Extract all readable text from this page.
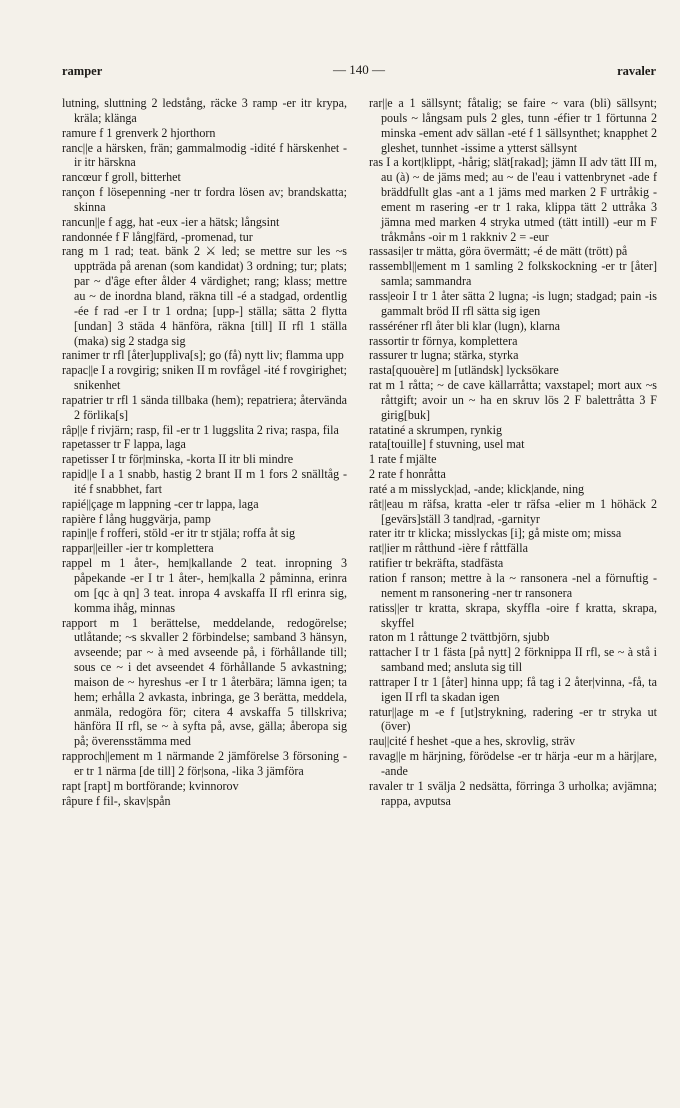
ramper	— 140 —	ravaler

lutning, sluttning 2 ledstång, räcke 3 ramp -er itr krypa, kräla; klänga

ramure f 1 grenverk 2 hjorthorn

ranc||e a härsken, frän; gammalmodig -idité f härskenhet -ir itr härskna

rancœur f groll, bitterhet

rançon f lösepenning -ner tr fordra lösen av; brandskatta; skinna

rancun||e f agg, hat -eux -ier a hätsk; långsint

randonnée f F lång|färd, -promenad, tur

rang m 1 rad; teat. bänk 2 ⚔ led; se mettre sur les ~s uppträda på arenan (som kandidat) 3 ordning; tur; plats; par ~ d'âge efter ålder 4 värdighet; rang; klass; mettre au ~ de inordna bland, räkna till -é a stadgad, ordentlig -ée f rad -er I tr 1 ordna; [upp-] ställa; sätta 2 flytta [undan] 3 städa 4 hänföra, räkna [till] II rfl 1 ställa (maka) sig 2 stadga sig

ranimer tr rfl [åter]uppliva[s]; go (få) nytt liv; flamma upp

rapac||e I a rovgirig; sniken II m rovfågel -ité f rovgirighet; snikenhet

rapatrier tr rfl 1 sända tillbaka (hem); repatriera; återvända 2 förlika[s]

râp||e f rivjärn; rasp, fil -er tr 1 luggslita 2 riva; raspa, fila

rapetasser tr F lappa, laga

rapetisser I tr för|minska, -korta II itr bli mindre

rapid||e I a 1 snabb, hastig 2 brant II m 1 fors 2 snälltåg -ité f snabbhet, fart

rapié||çage m lappning -cer tr lappa, laga

rapière f lång huggvärja, pamp

rapin||e f rofferi, stöld -er itr tr stjäla; roffa åt sig

rappar||eiller -ier tr komplettera

rappel m 1 åter-, hem|kallande 2 teat. inropning 3 påpekande -er I tr 1 åter-, hem|kalla 2 påminna, erinra om [qc à qn] 3 teat. inropa 4 avskaffa II rfl erinra sig, komma ihåg, minnas

rapport m 1 berättelse, meddelande, redogörelse; utlåtande; ~s skvaller 2 förbindelse; samband 3 hänsyn, avseende; par ~ à med avseende på, i förhållande till; sous ce ~ i det avseendet 4 förhållande 5 avkastning; maison de ~ hyreshus -er I tr 1 återbära; lämna igen; ta hem; erhålla 2 avkasta, inbringa, ge 3 berätta, meddela, anmäla, redogöra för; citera 4 avskaffa 5 tillskriva; hänföra II rfl, se ~ à syfta på, avse, gälla; åberopa sig på; överensstämma med

rapproch||ement m 1 närmande 2 jämförelse 3 försoning -er tr 1 närma [de till] 2 för|sona, -lika 3 jämföra

rapt [rapt] m bortförande; kvinnorov

râpure f fil-, skav|spån

rar||e a 1 sällsynt; fåtalig; se faire ~ vara (bli) sällsynt; pouls ~ långsam puls 2 gles, tunn -éfier tr 1 förtunna 2 minska -ement adv sällan -eté f 1 sällsynthet; knapphet 2 gleshet, tunnhet -issime a ytterst sällsynt

ras I a kort|klippt, -hårig; slät[rakad]; jämn II adv tätt III m, au (à) ~ de jäms med; au ~ de l'eau i vattenbrynet -ade f bräddfullt glas -ant a 1 jäms med marken 2 F urtråkig -ement m rasering -er tr 1 raka, klippa tätt 2 uttråka 3 jämna med marken 4 stryka utmed (tätt intill) -eur m F tråkmåns -oir m 1 rakkniv 2 = -eur

rassasi|er tr mätta, göra övermätt; -é de mätt (trött) på

rassembl||ement m 1 samling 2 folkskockning -er tr [åter] samla; sammandra

rass|eoir I tr 1 åter sätta 2 lugna; -is lugn; stadgad; pain -is gammalt bröd II rfl sätta sig igen

rasséréner rfl åter bli klar (lugn), klarna

rassortir tr förnya, komplettera

rassurer tr lugna; stärka, styrka

rasta[quouère] m [utländsk] lycksökare

rat m 1 råtta; ~ de cave källarråtta; vaxstapel; mort aux ~s råttgift; avoir un ~ ha en skruv lös 2 F balettråtta 3 F girig[buk]

ratatiné a skrumpen, rynkig

rata[touille] f stuvning, usel mat

1 rate f mjälte

2 rate f honråtta

raté a m misslyck|ad, -ande; klick|ande, ning

rât||eau m räfsa, kratta -eler tr räfsa -elier m 1 höhäck 2 [gevärs]ställ 3 tand|rad, -garnityr

rater itr tr klicka; misslyckas [i]; gå miste om; missa

rat||ier m råtthund -ière f råttfälla

ratifier tr bekräfta, stadfästa

ration f ranson; mettre à la ~ ransonera -nel a förnuftig -nement m ransonering -ner tr ransonera

ratiss||er tr kratta, skrapa, skyffla -oire f kratta, skrapa, skyffel

raton m 1 råttunge 2 tvättbjörn, sjubb

rattacher I tr 1 fästa [på nytt] 2 förknippa II rfl, se ~ à stå i samband med; ansluta sig till

rattraper I tr 1 [åter] hinna upp; få tag i 2 åter|vinna, -få, ta igen II rfl ta skadan igen

ratur||age m -e f [ut]strykning, radering -er tr stryka ut (över)

rau||cité f heshet -que a hes, skrovlig, sträv

ravag||e m härjning, förödelse -er tr härja -eur m a härj|are, -ande

ravaler tr 1 svälja 2 nedsätta, förringa 3 urholka; avjämna; rappa, avputsa
